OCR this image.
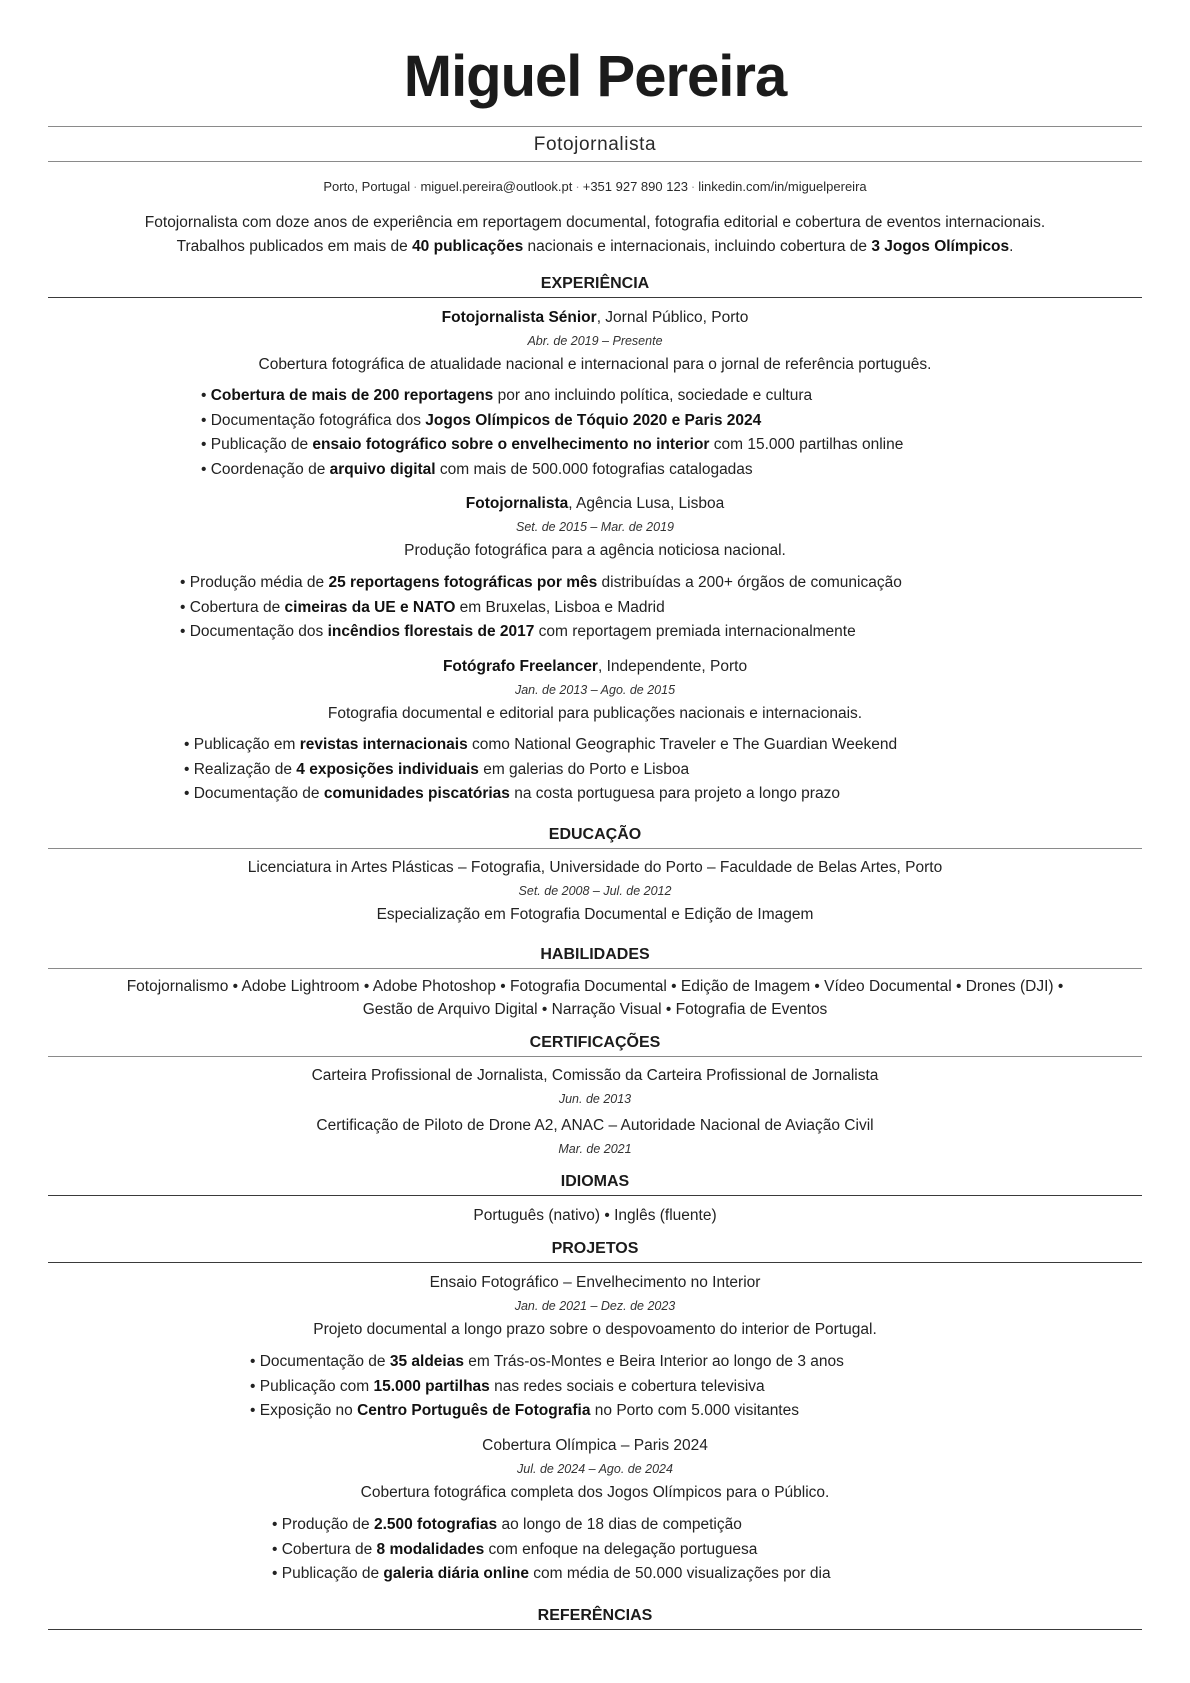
Miguel Pereira
Fotojornalista
Porto, Portugal · miguel.pereira@outlook.pt · +351 927 890 123 · linkedin.com/in/miguelpereira
Fotojornalista com doze anos de experiência em reportagem documental, fotografia editorial e cobertura de eventos internacionais.
Trabalhos publicados em mais de 40 publicações nacionais e internacionais, incluindo cobertura de 3 Jogos Olímpicos.
EXPERIÊNCIA
Fotojornalista Sénior, Jornal Público, Porto
Abr. de 2019 – Presente
Cobertura fotográfica de atualidade nacional e internacional para o jornal de referência português.
• Cobertura de mais de 200 reportagens por ano incluindo política, sociedade e cultura
• Documentação fotográfica dos Jogos Olímpicos de Tóquio 2020 e Paris 2024
• Publicação de ensaio fotográfico sobre o envelhecimento no interior com 15.000 partilhas online
• Coordenação de arquivo digital com mais de 500.000 fotografias catalogadas
Fotojornalista, Agência Lusa, Lisboa
Set. de 2015 – Mar. de 2019
Produção fotográfica para a agência noticiosa nacional.
• Produção média de 25 reportagens fotográficas por mês distribuídas a 200+ órgãos de comunicação
• Cobertura de cimeiras da UE e NATO em Bruxelas, Lisboa e Madrid
• Documentação dos incêndios florestais de 2017 com reportagem premiada internacionalmente
Fotógrafo Freelancer, Independente, Porto
Jan. de 2013 – Ago. de 2015
Fotografia documental e editorial para publicações nacionais e internacionais.
• Publicação em revistas internacionais como National Geographic Traveler e The Guardian Weekend
• Realização de 4 exposições individuais em galerias do Porto e Lisboa
• Documentação de comunidades piscatórias na costa portuguesa para projeto a longo prazo
EDUCAÇÃO
Licenciatura in Artes Plásticas – Fotografia, Universidade do Porto – Faculdade de Belas Artes, Porto
Set. de 2008 – Jul. de 2012
Especialização em Fotografia Documental e Edição de Imagem
HABILIDADES
Fotojornalismo • Adobe Lightroom • Adobe Photoshop • Fotografia Documental • Edição de Imagem • Vídeo Documental • Drones (DJI) •
Gestão de Arquivo Digital • Narração Visual • Fotografia de Eventos
CERTIFICAÇÕES
Carteira Profissional de Jornalista, Comissão da Carteira Profissional de Jornalista
Jun. de 2013
Certificação de Piloto de Drone A2, ANAC – Autoridade Nacional de Aviação Civil
Mar. de 2021
IDIOMAS
Português (nativo) • Inglês (fluente)
PROJETOS
Ensaio Fotográfico – Envelhecimento no Interior
Jan. de 2021 – Dez. de 2023
Projeto documental a longo prazo sobre o despovoamento do interior de Portugal.
• Documentação de 35 aldeias em Trás-os-Montes e Beira Interior ao longo de 3 anos
• Publicação com 15.000 partilhas nas redes sociais e cobertura televisiva
• Exposição no Centro Português de Fotografia no Porto com 5.000 visitantes
Cobertura Olímpica – Paris 2024
Jul. de 2024 – Ago. de 2024
Cobertura fotográfica completa dos Jogos Olímpicos para o Público.
• Produção de 2.500 fotografias ao longo de 18 dias de competição
• Cobertura de 8 modalidades com enfoque na delegação portuguesa
• Publicação de galeria diária online com média de 50.000 visualizações por dia
REFERÊNCIAS
